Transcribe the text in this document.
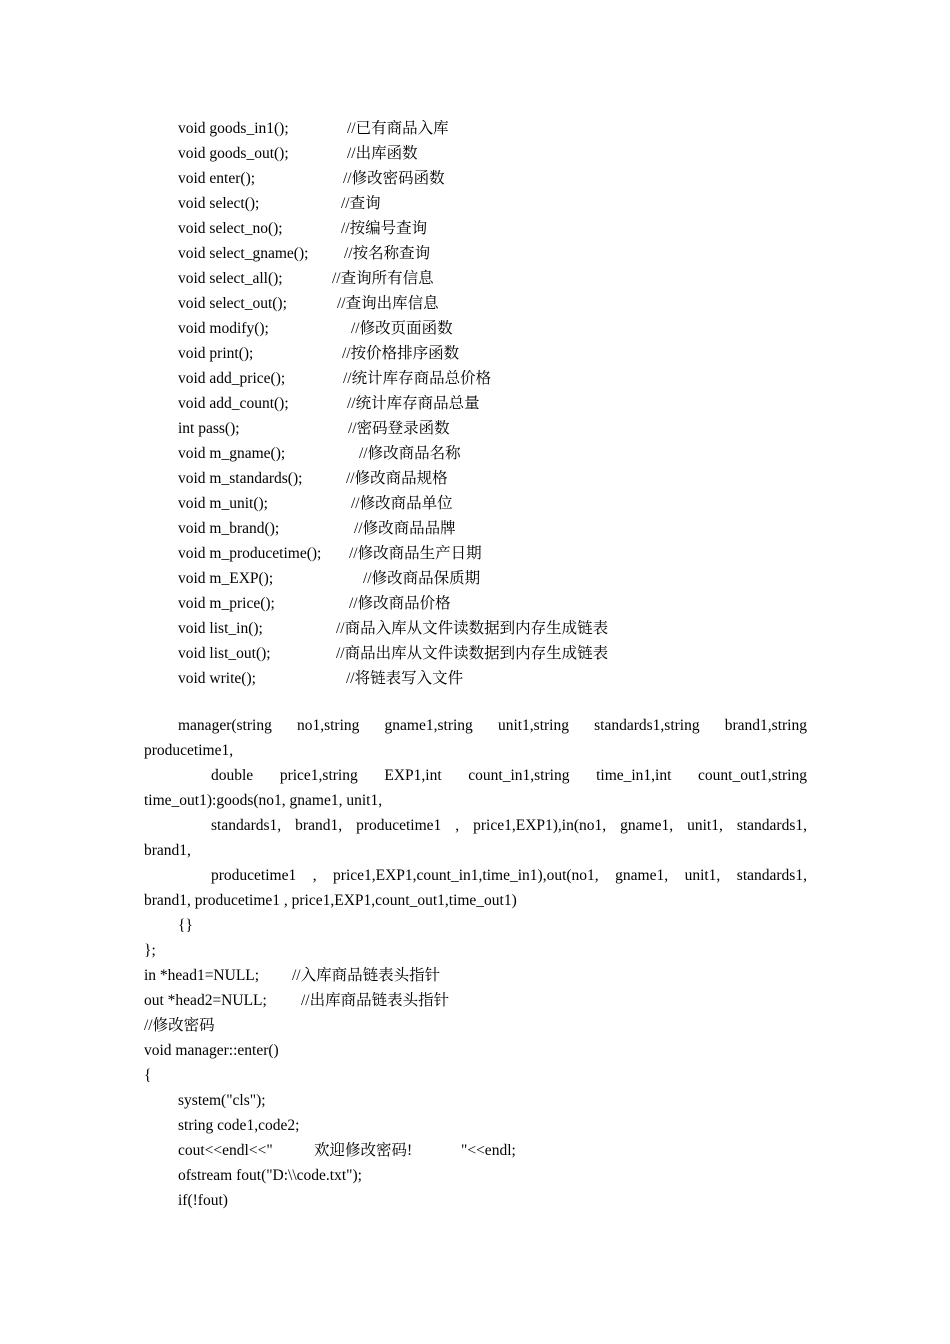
void goods_in1();	//已有商品入库
void goods_out();	//出库函数
void enter();	//修改密码函数
void select();	//查询
void select_no();	//按编号查询
void select_gname(); //按名称查询
void select_all();	//查询所有信息
void select_out();	//查询出库信息
void modify();	//修改页面函数
void print();	//按价格排序函数
void add_price();	//统计库存商品总价格
void add_count();	//统计库存商品总量
int pass();	//密码登录函数
void m_gname();	//修改商品名称
void m_standards();	//修改商品规格
void m_unit();	//修改商品单位
void m_brand();	//修改商品品牌
void m_producetime(); //修改商品生产日期
void m_EXP();	//修改商品保质期
void m_price();	//修改商品价格
void list_in();	//商品入库从文件读数据到内存生成链表
void list_out();	//商品出库从文件读数据到内存生成链表
void write();	//将链表写入文件
manager(string no1,string gname1,string unit1,string standards1,string brand1,string
producetime1,
double price1,string EXP1,int count_in1,string time_in1,int count_out1,string
time_out1):goods(no1, gname1, unit1,
standards1, brand1, producetime1 , price1,EXP1),in(no1, gname1, unit1, standards1,
brand1,
producetime1 , price1,EXP1,count_in1,time_in1),out(no1, gname1, unit1, standards1,
brand1, producetime1 , price1,EXP1,count_out1,time_out1)
{}
};
in *head1=NULL; //入库商品链表头指针
out *head2=NULL; //出库商品链表头指针
//修改密码
void manager::enter()
{
system("cls");
string code1,code2;
cout<<endl<<"	欢迎修改密码!	"<<endl;
ofstream fout("D:\\code.txt");
if(!fout)
